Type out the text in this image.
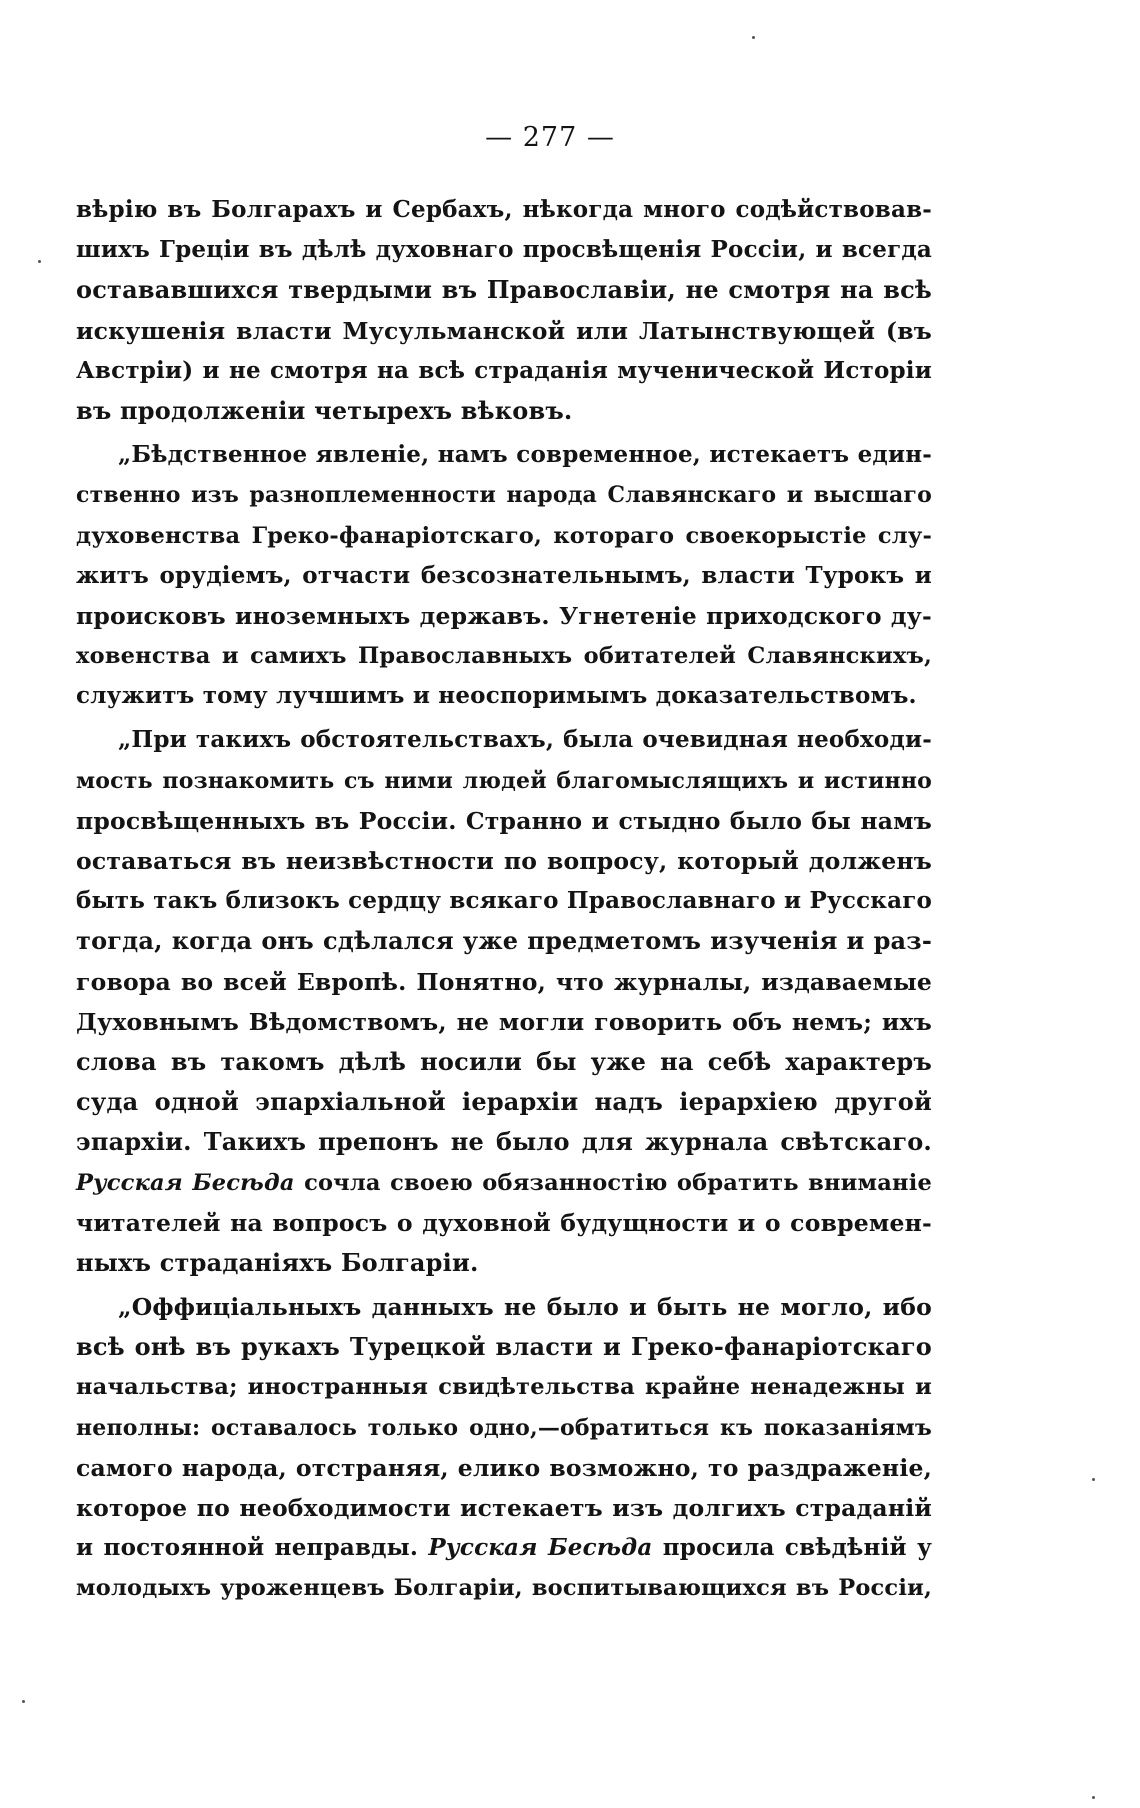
— 277 —
вѣрію въ Болгарахъ и Сербахъ, нѣкогда много содѣйствовав-
шихъ Греціи въ дѣлѣ духовнаго просвѣщенія Россіи, и всегда
остававшихся твердыми въ Православіи, не смотря на всѣ
искушенія власти Мусульманской или Латынствующей (въ
Австріи) и не смотря на всѣ страданія мученической Исторіи
въ продолженіи четырехъ вѣковъ.
„Бѣдственное явленіе, намъ современное, истекаетъ един-
ственно изъ разноплеменности народа Славянскаго и высшаго
духовенства Греко-фанаріотскаго, котораго своекорыстіе слу-
житъ орудіемъ, отчасти безсознательнымъ, власти Турокъ и
происковъ иноземныхъ державъ. Угнетеніе приходского ду-
ховенства и самихъ Православныхъ обитателей Славянскихъ,
служитъ тому лучшимъ и неоспоримымъ доказательствомъ.
„При такихъ обстоятельствахъ, была очевидная необходи-
мость познакомить съ ними людей благомыслящихъ и истинно
просвѣщенныхъ въ Россіи. Странно и стыдно было бы намъ
оставаться въ неизвѣстности по вопросу, который долженъ
быть такъ близокъ сердцу всякаго Православнаго и Русскаго
тогда, когда онъ сдѣлался уже предметомъ изученія и раз-
говора во всей Европѣ. Понятно, что журналы, издаваемые
Духовнымъ Вѣдомствомъ, не могли говорить объ немъ; ихъ
слова въ такомъ дѣлѣ носили бы уже на себѣ характеръ
суда одной эпархіальной іерархіи надъ іерархіею другой
эпархіи. Такихъ препонъ не было для журнала свѣтскаго.
Русская Бесѣда сочла своею обязанностію обратить вниманіе
читателей на вопросъ о духовной будущности и о современ-
ныхъ страданіяхъ Болгаріи.
„Оффиціальныхъ данныхъ не было и быть не могло, ибо
всѣ онѣ въ рукахъ Турецкой власти и Греко-фанаріотскаго
начальства; иностранныя свидѣтельства крайне ненадежны и
неполны: оставалось только одно,—обратиться къ показаніямъ
самого народа, отстраняя, елико возможно, то раздраженіе,
которое по необходимости истекаетъ изъ долгихъ страданій
и постоянной неправды. Русская Бесѣда просила свѣдѣній у
молодыхъ уроженцевъ Болгаріи, воспитывающихся въ Россіи,
